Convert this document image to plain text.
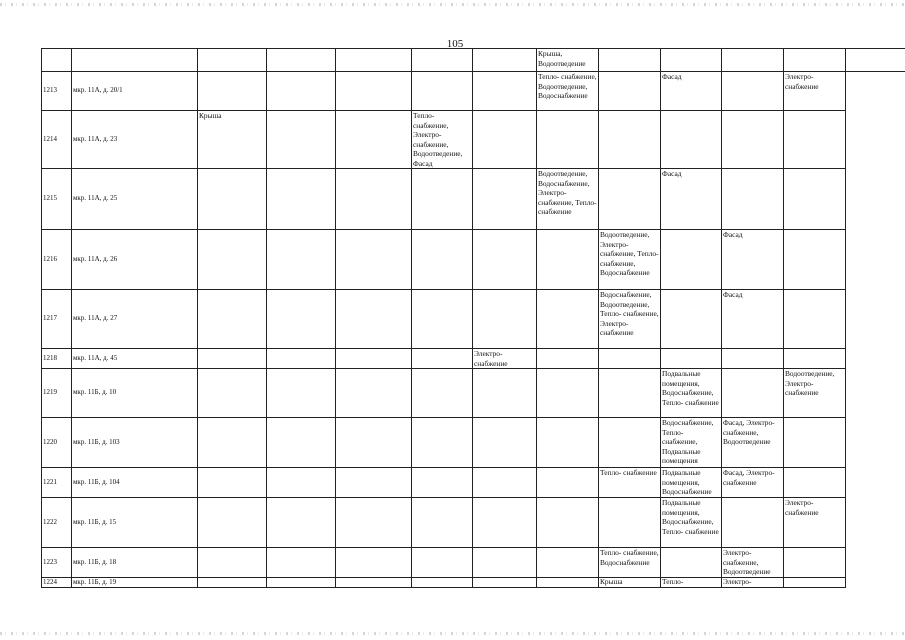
105
							Крыша, Водоотведение					
1213	мкр. 11А, д. 20/1						Тепло- снабжение, Водоотведение, Водоснабжение		Фасад		Электро- снабжение	
1214	мкр. 11А, д. 23	Крыша			Тепло- снабжение, Электро- снабжение, Водоотведение, Фасад							
1215	мкр. 11А, д. 25						Водоотведение, Водоснабжение, Электро- снабжение, Тепло- снабжение		Фасад			
1216	мкр. 11А, д. 26							Водоотведение, Электро- снабжение, Тепло- снабжение, Водоснабжение		Фасад		
1217	мкр. 11А, д. 27							Водоснабжение, Водоотведение, Тепло- снабжение, Электро- снабжение		Фасад		
1218	мкр. 11А, д. 45					Электро- снабжение						
1219	мкр. 11Б, д. 10								Подвальные помещения, Водоснабжение, Тепло- снабжение		Водоотведение, Электро- снабжение	
1220	мкр. 11Б, д. 103								Водоснабжение, Тепло- снабжение, Подвальные помещения	Фасад, Электро- снабжение, Водоотведение		
1221	мкр. 11Б, д. 104							Тепло- снабжение	Подвальные помещения, Водоснабжение	Фасад, Электро- снабжение		
1222	мкр. 11Б, д. 15								Подвальные помещения, Водоснабжение, Тепло- снабжение		Электро- снабжение	
1223	мкр. 11Б, д. 18							Тепло- снабжение, Водоснабжение		Электро- снабжение, Водоотведение		
1224	мкр. 11Б, д. 19							Крыша	Тепло-	Электро-		
